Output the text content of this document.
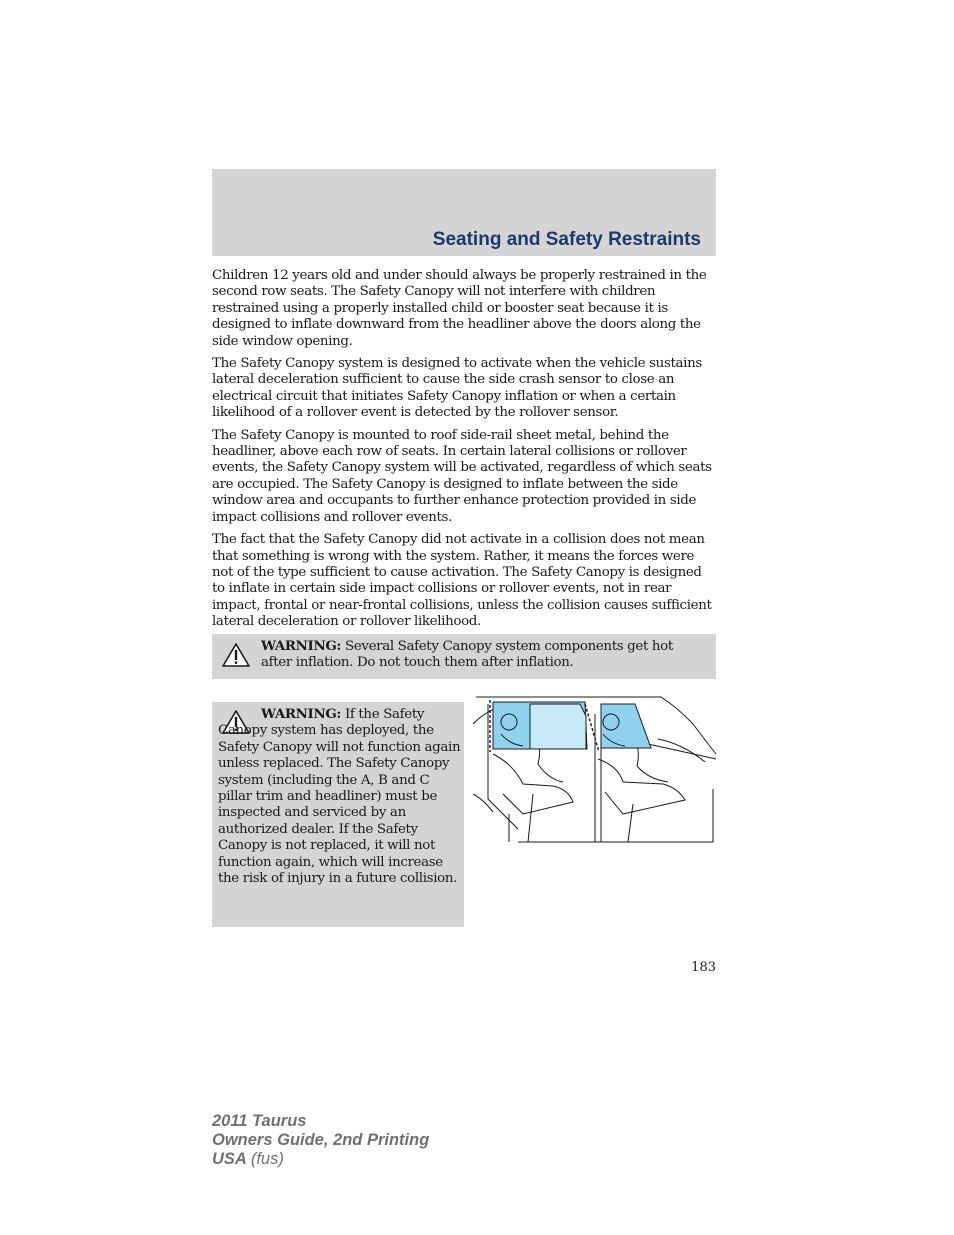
Seating and Safety Restraints

Children 12 years old and under should always be properly restrained in the second row seats. The Safety Canopy will not interfere with children restrained using a properly installed child or booster seat because it is designed to inflate downward from the headliner above the doors along the side window opening.

The Safety Canopy system is designed to activate when the vehicle sustains lateral deceleration sufficient to cause the side crash sensor to close an electrical circuit that initiates Safety Canopy inflation or when a certain likelihood of a rollover event is detected by the rollover sensor.

The Safety Canopy is mounted to roof side-rail sheet metal, behind the headliner, above each row of seats. In certain lateral collisions or rollover events, the Safety Canopy system will be activated, regardless of which seats are occupied. The Safety Canopy is designed to inflate between the side window area and occupants to further enhance protection provided in side impact collisions and rollover events.

The fact that the Safety Canopy did not activate in a collision does not mean that something is wrong with the system. Rather, it means the forces were not of the type sufficient to cause activation. The Safety Canopy is designed to inflate in certain side impact collisions or rollover events, not in rear impact, frontal or near-frontal collisions, unless the collision causes sufficient lateral deceleration or rollover likelihood.

WARNING: Several Safety Canopy system components get hot after inflation. Do not touch them after inflation.
WARNING: If the Safety Canopy system has deployed, the Safety Canopy will not function again unless replaced. The Safety Canopy system (including the A, B and C pillar trim and headliner) must be inspected and serviced by an authorized dealer. If the Safety Canopy is not replaced, it will not function again, which will increase the risk of injury in a future collision.
183
2011 Taurus
Owners Guide, 2nd Printing
USA (fus)
